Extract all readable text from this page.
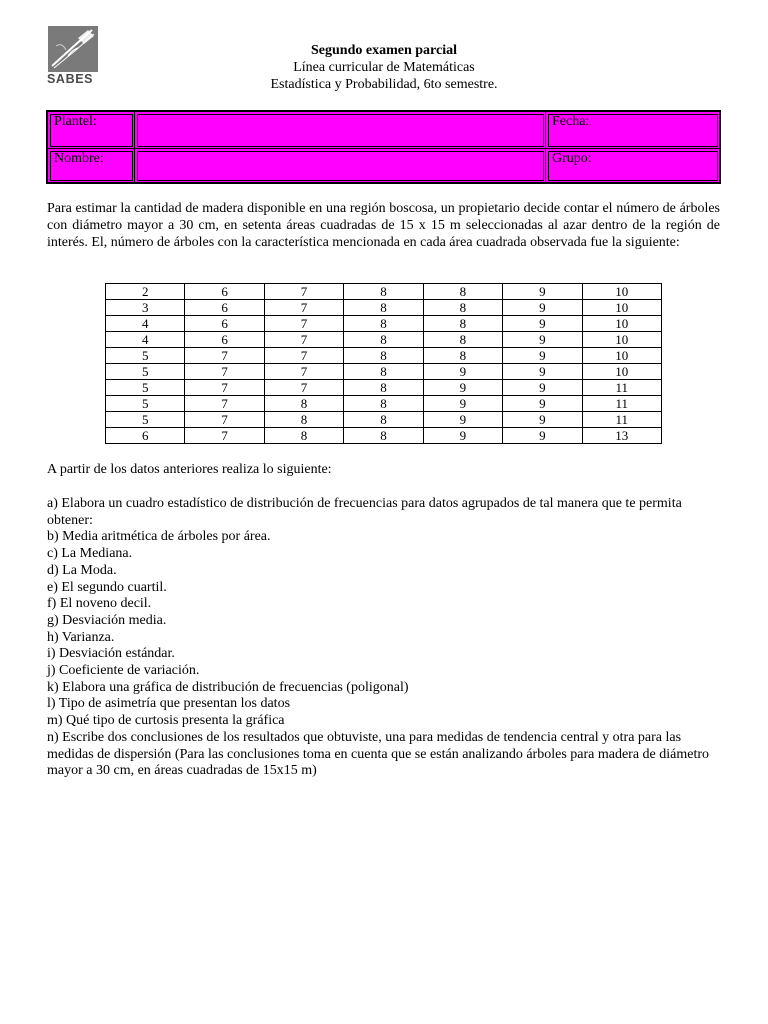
SABES
Segundo examen parcial
Línea curricular de Matemáticas
Estadística y Probabilidad, 6to semestre.
Plantel:		Fecha:
Nombre:		Grupo:

Para estimar la cantidad de madera disponible en una región boscosa, un propietario decide contar el número de árboles con diámetro mayor a 30 cm, en setenta áreas cuadradas de 15 x 15 m seleccionadas al azar dentro de la región de interés. El, número de árboles con la característica mencionada en cada área cuadrada observada fue la siguiente:

2	6	7	8	8	9	10
3	6	7	8	8	9	10
4	6	7	8	8	9	10
4	6	7	8	8	9	10
5	7	7	8	8	9	10
5	7	7	8	9	9	10
5	7	7	8	9	9	11
5	7	8	8	9	9	11
5	7	8	8	9	9	11
6	7	8	8	9	9	13

A partir de los datos anteriores realiza lo siguiente:

a) Elabora un cuadro estadístico de distribución de frecuencias para datos agrupados de tal manera que te permita obtener:
b) Media aritmética de árboles por área.
c) La Mediana.
d) La Moda.
e) El segundo cuartil.
f) El noveno decil.
g) Desviación media.
h) Varianza.
i) Desviación estándar.
j) Coeficiente de variación.
k) Elabora una gráfica de distribución de frecuencias (poligonal)
l) Tipo de asimetría que presentan los datos
m) Qué tipo de curtosis presenta la gráfica
n) Escribe dos conclusiones de los resultados que obtuviste, una para medidas de tendencia central y otra para las medidas de dispersión (Para las conclusiones toma en cuenta que se están analizando árboles para madera de diámetro mayor a 30 cm, en áreas cuadradas de 15x15 m)
